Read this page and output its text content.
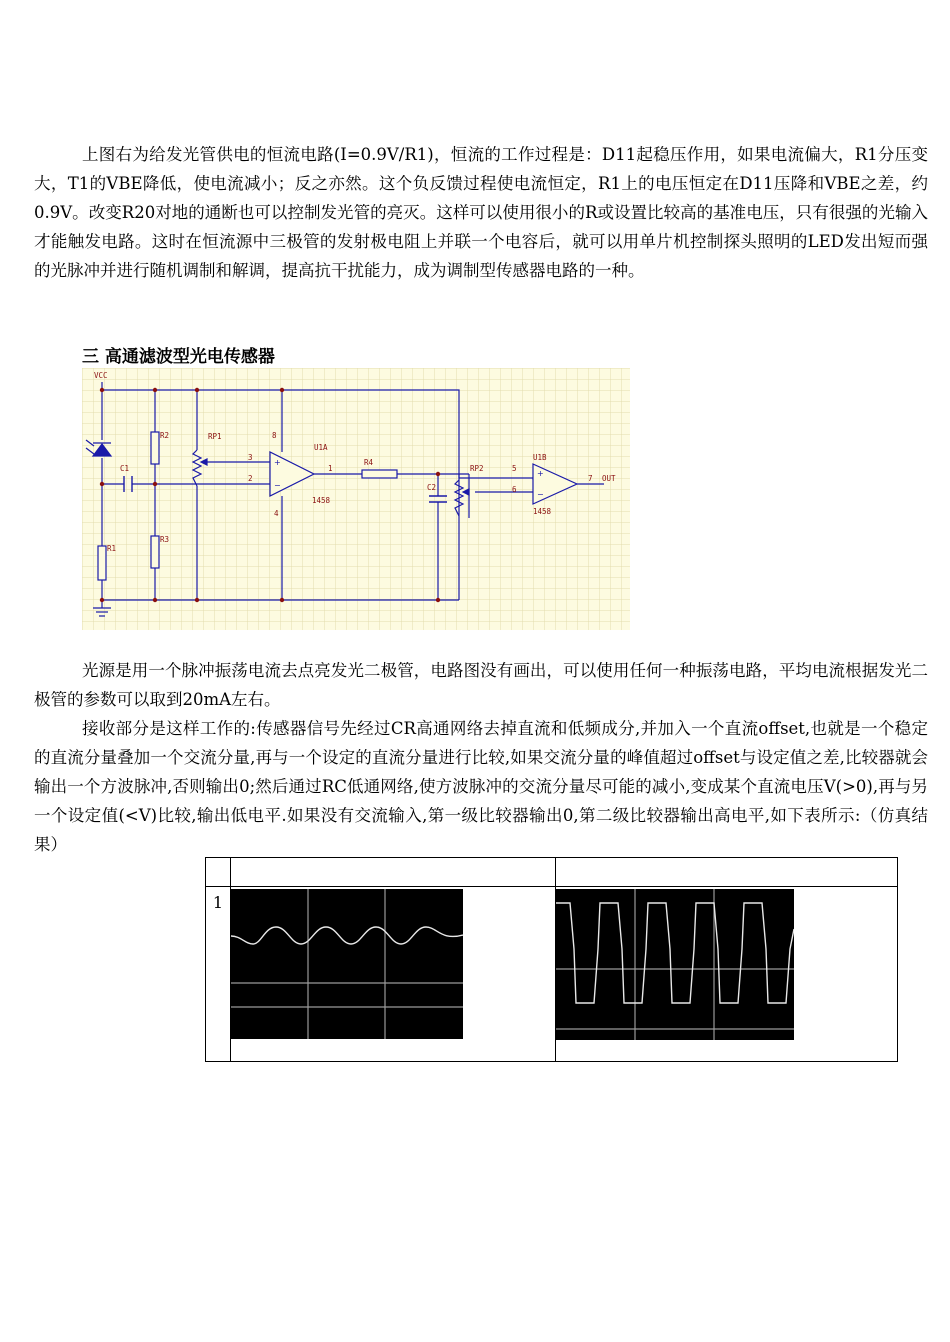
上图右为给发光管供电的恒流电路(I=0.9V/R1)，恒流的工作过程是：D11起稳压作用，如果电流偏大，R1分压变大，T1的VBE降低，使电流减小；反之亦然。这个负反馈过程使电流恒定，R1上的电压恒定在D11压降和VBE之差，约0.9V。改变R20对地的通断也可以控制发光管的亮灭。这样可以使用很小的R或设置比较高的基准电压，只有很强的光输入才能触发电路。这时在恒流源中三极管的发射极电阻上并联一个电容后，就可以用单片机控制探头照明的LED发出短而强的光脉冲并进行随机调制和解调，提高抗干扰能力，成为调制型传感器电路的一种。

三 高通滤波型光电传感器
VCC
R2	RP1	8
U1A
3
2
1
4
1458
R4
C1
C2
RP2
U1B
5
6
7 OUT
1458
R3
R1
+
−
+
−

光源是用一个脉冲振荡电流去点亮发光二极管，电路图没有画出，可以使用任何一种振荡电路，平均电流根据发光二极管的参数可以取到20mA左右。

接收部分是这样工作的:传感器信号先经过CR高通网络去掉直流和低频成分,并加入一个直流offset,也就是一个稳定的直流分量叠加一个交流分量,再与一个设定的直流分量进行比较,如果交流分量的峰值超过offset与设定值之差,比较器就会输出一个方波脉冲,否则输出0;然后通过RC低通网络,使方波脉冲的交流分量尽可能的减小,变成某个直流电压V(>0),再与另一个设定值(<V)比较,输出低电平.如果没有交流输入,第一级比较器输出0,第二级比较器输出高电平,如下表所示:（仿真结果）

1	
